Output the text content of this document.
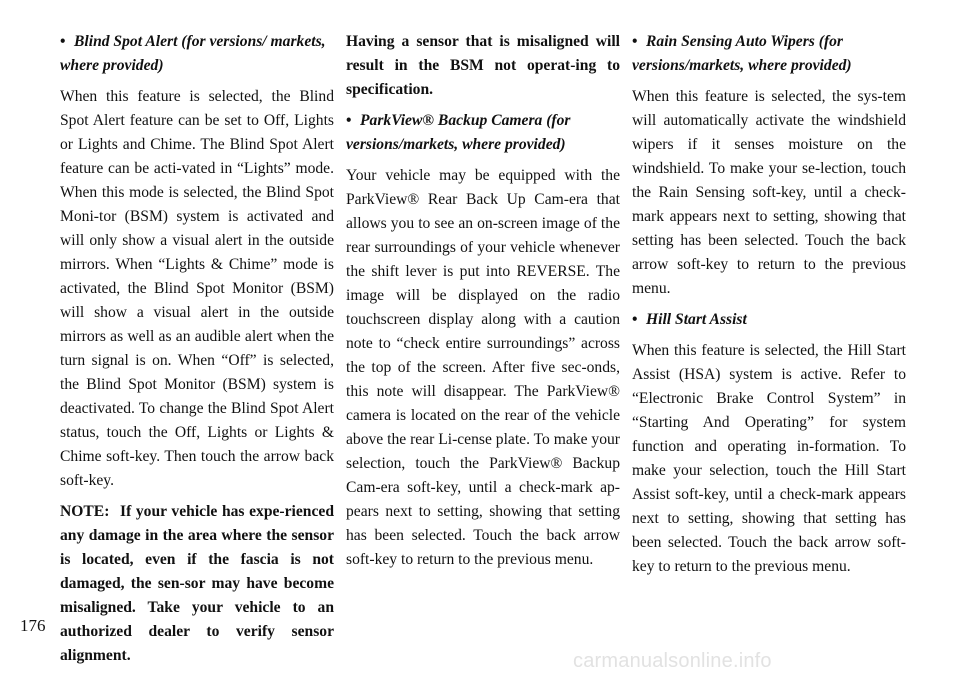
• Blind Spot Alert (for versions/ markets, where provided)

When this feature is selected, the Blind Spot Alert feature can be set to Off, Lights or Lights and Chime. The Blind Spot Alert feature can be acti-vated in “Lights” mode. When this mode is selected, the Blind Spot Moni-tor (BSM) system is activated and will only show a visual alert in the outside mirrors. When “Lights & Chime” mode is activated, the Blind Spot Monitor (BSM) will show a visual alert in the outside mirrors as well as an audible alert when the turn signal is on. When “Off” is selected, the Blind Spot Monitor (BSM) system is deactivated. To change the Blind Spot Alert status, touch the Off, Lights or Lights & Chime soft-key. Then touch the arrow back soft-key.

NOTE: If your vehicle has expe-rienced any damage in the area where the sensor is located, even if the fascia is not damaged, the sen-sor may have become misaligned. Take your vehicle to an authorized dealer to verify sensor alignment.

Having a sensor that is misaligned will result in the BSM not operat-ing to specification.

• ParkView® Backup Camera (for versions/markets, where provided)

Your vehicle may be equipped with the ParkView® Rear Back Up Cam-era that allows you to see an on-screen image of the rear surroundings of your vehicle whenever the shift lever is put into REVERSE. The image will be displayed on the radio touchscreen display along with a caution note to “check entire surroundings” across the top of the screen. After five sec-onds, this note will disappear. The ParkView® camera is located on the rear of the vehicle above the rear Li-cense plate. To make your selection, touch the ParkView® Backup Cam-era soft-key, until a check-mark ap-pears next to setting, showing that setting has been selected. Touch the back arrow soft-key to return to the previous menu.

• Rain Sensing Auto Wipers (for versions/markets, where provided)

When this feature is selected, the sys-tem will automatically activate the windshield wipers if it senses moisture on the windshield. To make your se-lection, touch the Rain Sensing soft-key, until a check-mark appears next to setting, showing that setting has been selected. Touch the back arrow soft-key to return to the previous menu.

• Hill Start Assist

When this feature is selected, the Hill Start Assist (HSA) system is active. Refer to “Electronic Brake Control System” in “Starting And Operating” for system function and operating in-formation. To make your selection, touch the Hill Start Assist soft-key, until a check-mark appears next to setting, showing that setting has been selected. Touch the back arrow soft-key to return to the previous menu.

176
carmanualsonline.info
